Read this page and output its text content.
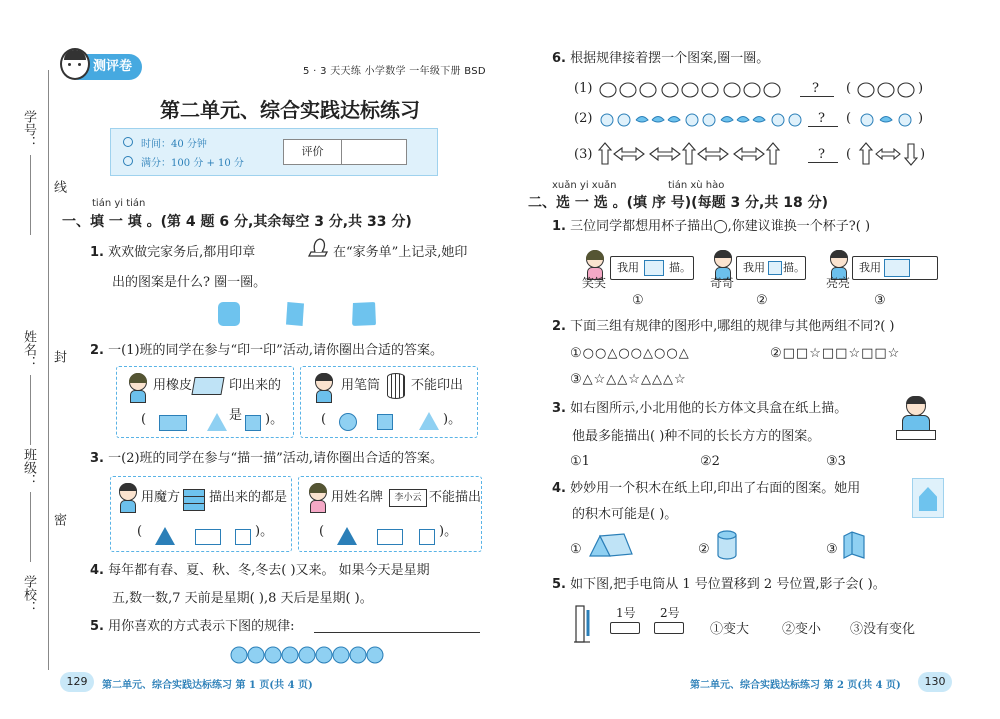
学号：
姓名：
班级：
学校：
线
封
密
测评卷	5 · 3 天天练 小学数学 一年级下册 BSD
第二单元、综合实践达标练习
时间：40 分钟
满分：100 分 + 10 分
评价
tián yi tián
一、填 一 填 。(第 4 题 6 分,其余每空 3 分,共 33 分)
1. 欢欢做完家务后,都用印章	在“家务单”上记录,她印
出的图案是什么? 圈一圈。
2. 一(1)班的同学在参与“印一印”活动,请你圈出合适的答案。
用橡皮	印出来的是
(	)。
用笔筒 不能印出
(	)。
3. 一(2)班的同学在参与“描一描”活动,请你圈出合适的答案。
用魔方 描出来的都是
(	)。
用姓名牌	李小云 不能描出
(	)。
4. 每年都有春、夏、秋、冬,冬去( )又来。 如果今天是星期
五,数一数,7 天前是星期( ),8 天后是星期( )。
5. 用你喜欢的方式表示下图的规律:
129	第二单元、综合实践达标练习 第 1 页(共 4 页)
6. 根据规律接着摆一个图案,圈一圈。
(1)	? (	)
(2)	? (	)
(3)	? (	)
xuǎn yi xuǎn	tián xù hào
二、选 一 选 。(填 序 号)(每题 3 分,共 18 分)
1. 三位同学都想用杯子描出◯,你建议谁换一个杯子?( )
笑笑
我用	描。
①
奇奇
我用 描。
②
亮亮
我用
③
2. 下面三组有规律的图形中,哪组的规律与其他两组不同?( )
①○○△○○△○○△	②□□☆□□☆□□☆
③△☆△△☆△△△☆
3. 如右图所示,小北用他的长方体文具盒在纸上描。
他最多能描出( )种不同的长长方方的图案。
①1	②2	③3
4. 妙妙用一个积木在纸上印,印出了右面的图案。她用
的积木可能是( )。
①	②	③
5. 如下图,把手电筒从 1 号位置移到 2 号位置,影子会( )。
1号 2号
①变大	②变小 ③没有变化
第二单元、综合实践达标练习 第 2 页(共 4 页)	130
